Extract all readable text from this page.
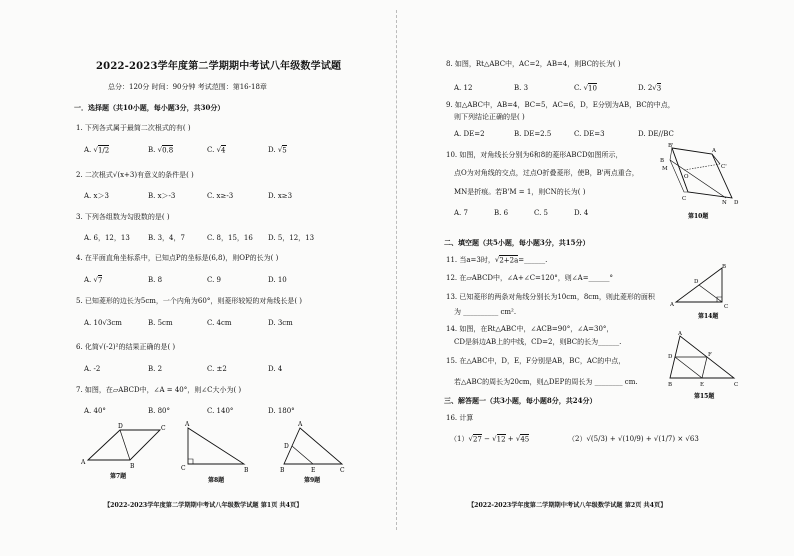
2022-2023学年度第二学期期中考试八年级数学试题
总分：120分 时间：90分钟 考试范围：第16-18章
一．选择题（共10小题，每小题3分，共30分）
1. 下列各式属于最简二次根式的有( )
A. √1/2	B. √0.8	C. √4	D. √5
2. 二次根式√(x+3)有意义的条件是( )
A. x＞3	B. x＞-3	C. x≥-3	D. x≥3
3. 下列各组数为勾股数的是( )
A. 6，12，13	B. 3，4，7	C. 8，15，16 D. 5，12，13
4. 在平面直角坐标系中，已知点P的坐标是(6,8)，则OP的长为( )
A. √7	B. 8	C. 9	D. 10
5. 已知菱形的边长为5cm，一个内角为60°，则菱形较短的对角线长是( )
A. 10√3cm	B. 5cm	C. 4cm	D. 3cm
6. 化简√(-2)²的结果正确的是( )
A. -2	B. 2	C. ±2	D. 4
7. 如图，在▱ABCD中，∠A = 40°，则∠C大小为( )
A. 40°	B. 80°	C. 140°	D. 180°
A
D	C
B
第7题
A
C	B
第8题
A
D
B	E	C
第9题
【2022-2023学年度第二学期期中考试八年级数学试题 第1页 共4页】
8. 如图，Rt△ABC中，AC=2，AB=4，则BC的长为( )
A. 12	B. 3	C. √10	D. 2√3
9. 如△ABC中，AB=4，BC=5，AC=6，D，E分别为AB，BC的中点，
则下列结论正确的是( )
A. DE=2	B. DE=2.5	C. DE=3	D. DE//BC
10. 如图，对角线长分别为6和8的菱形ABCD如图所示，
点O为对角线的交点，过点O折叠菱形，使B，B'两点重合，
MN是折痕。若B'M = 1，则CN的长为( )
A. 7	B. 6	C. 5	D. 4
B'
A
C'
B
M
O
C
N D
第10题
二、填空题（共5小题，每小题3分，共15分）
11. 当a=3时，√2+2a=______.
12. 在▱ABCD中，∠A+∠C=120°，则∠A=______°
13. 已知菱形的两条对角线分别长为10cm，8cm，则此菱形的面积
为 __________ cm².
B
D
A	C
第14题
14. 如图，在Rt△ABC中，∠ACB=90°，∠A=30°，
CD是斜边AB上的中线，CD=2，则BC的长为______.
15. 在△ABC中，D，E，F分别是AB，BC，AC的中点，
若△ABC的周长为20cm，则△DEP的周长为 ________ cm.
A
D	F
B	E	C
第15题
三、解答题一（共3小题，每小题8分，共24分）
16. 计算
（1）√27 − √12 + √45	（2）√(5/3) + √(10/9) + √(1/7) × √63
【2022-2023学年度第二学期期中考试八年级数学试题 第2页 共4页】
